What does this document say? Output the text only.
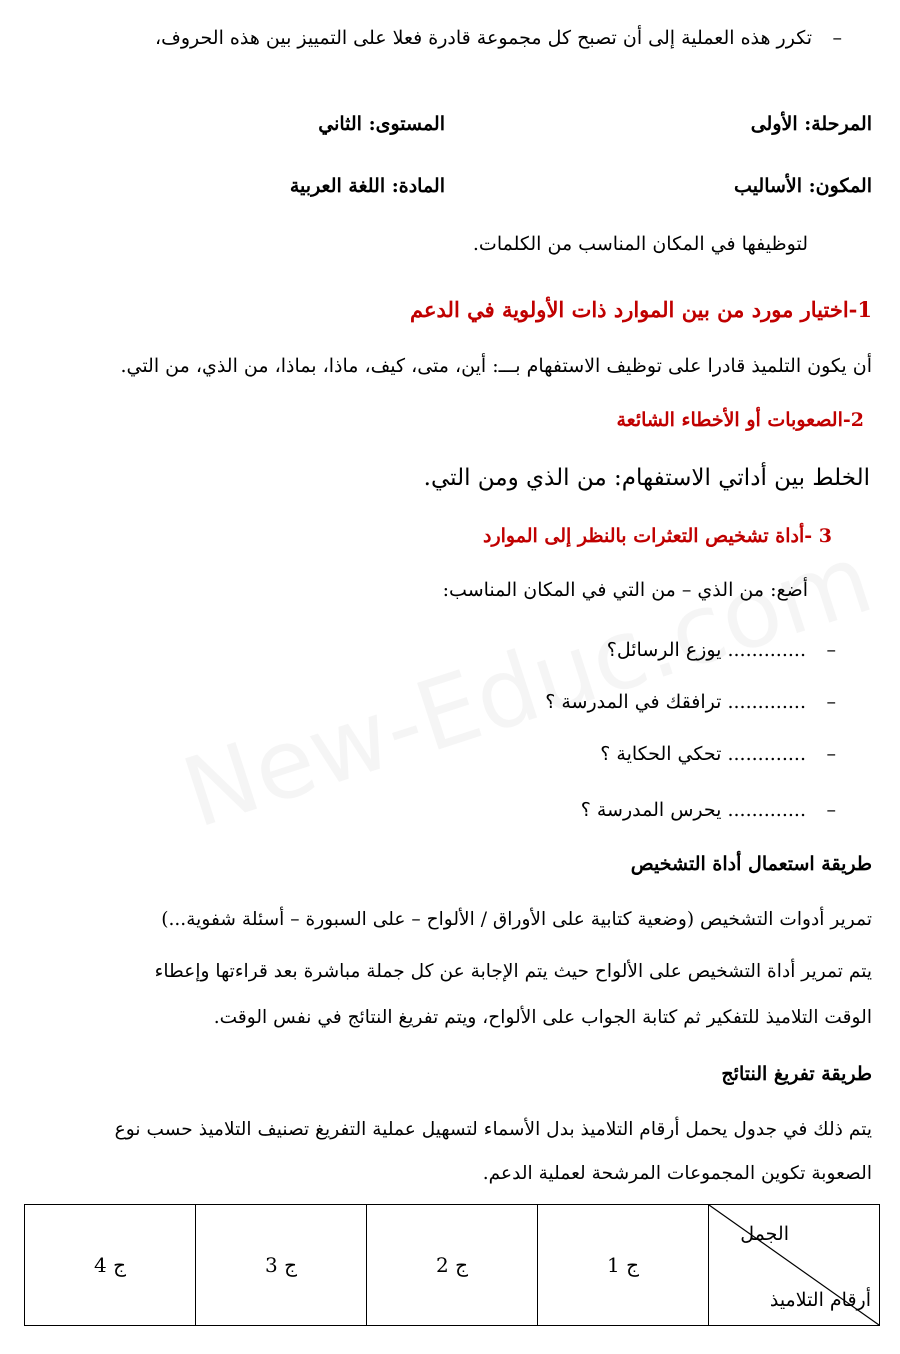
–تكرر هذه العملية إلى أن تصبح كل مجموعة قادرة فعلا على التمييز بين هذه الحروف،
المرحلة: الأولى
المستوى: الثاني
المكون: الأساليب
المادة: اللغة العربية
لتوظيفها في المكان المناسب من الكلمات.
1-اختيار مورد من بين الموارد ذات الأولوية في الدعم
أن يكون التلميذ قادرا على توظيف الاستفهام بـــ: أين، متى، كيف، ماذا، بماذا، من الذي، من التي.
2-الصعوبات أو الأخطاء الشائعة
الخلط بين أداتي الاستفهام: من الذي ومن التي.
3 -أداة تشخيص التعثرات بالنظر إلى الموارد
أضع: من الذي – من التي في المكان المناسب:
–............. يوزع الرسائل؟
–............. ترافقك في المدرسة ؟
–............. تحكي الحكاية ؟
–............. يحرس المدرسة ؟
طريقة استعمال أداة التشخيص
تمرير أدوات التشخيص (وضعية كتابية على الأوراق / الألواح – على السبورة – أسئلة شفوية...)
يتم تمرير أداة التشخيص على الألواح حيث يتم الإجابة عن كل جملة مباشرة بعد قراءتها وإعطاء
الوقت التلاميذ للتفكير ثم كتابة الجواب على الألواح، ويتم تفريغ النتائج في نفس الوقت.
طريقة تفريغ النتائج
يتم ذلك في جدول يحمل أرقام التلاميذ بدل الأسماء لتسهيل عملية التفريغ تصنيف التلاميذ حسب نوع
الصعوبة تكوين المجموعات المرشحة لعملية الدعم.
الجمل
أرقام التلاميذ
	ج 1	ج 2	ج 3	ج 4
